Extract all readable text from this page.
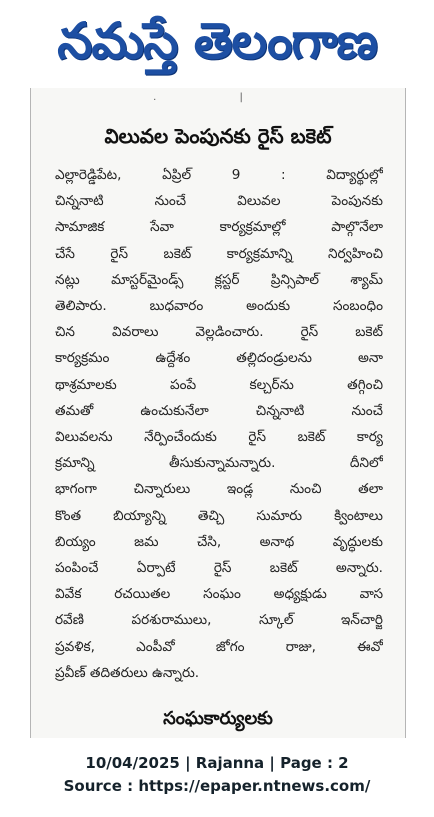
నమస్తే తెలంగాణ
. |
విలువల పెంపునకు రైస్ బకెట్
ఎల్లారెడ్డిపేట, ఏప్రిల్ 9 : విద్యార్థుల్లో
చిన్ననాటి నుంచే విలువల పెంపునకు
సామాజిక సేవా కార్యక్రమాల్లో పాల్గొనేలా
చేసే రైస్ బకెట్ కార్యక్రమాన్ని నిర్వహించి
నట్లు మాస్టర్‌మైండ్స్ క్లస్టర్ ప్రిన్సిపాల్ శ్యామ్
తెలిపారు. బుధవారం అందుకు సంబంధిం
చిన వివరాలు వెల్లడించారు. రైస్ బకెట్
కార్యక్రమం ఉద్దేశం తల్లిదండ్రులను అనా
థాశ్రమాలకు పంపే కల్చర్‌ను తగ్గించి
తమతో ఉంచుకునేలా చిన్ననాటి నుంచే
విలువలను నేర్పించేందుకు రైస్ బకెట్ కార్య
క్రమాన్ని తీసుకున్నామన్నారు. దీనిలో
భాగంగా చిన్నారులు ఇండ్ల నుంచి తలా
కొంత బియ్యాన్ని తెచ్చి సుమారు క్వింటాలు
బియ్యం జమ చేసి, అనాథ వృద్ధులకు
పంపించే ఏర్పాటే రైస్ బకెట్ అన్నారు.
వివేక రచయితల సంఘం అధ్యక్షుడు వాస
రవేణి పరశురాములు, స్కూల్ ఇన్‌చార్జి
ప్రవళిక, ఎంపీవో జోగం రాజు, ఈవో
ప్రవీణ్ తదితరులు ఉన్నారు.
సంఘకార్యులకు
10/04/2025 | Rajanna | Page : 2
Source : https://epaper.ntnews.com/
